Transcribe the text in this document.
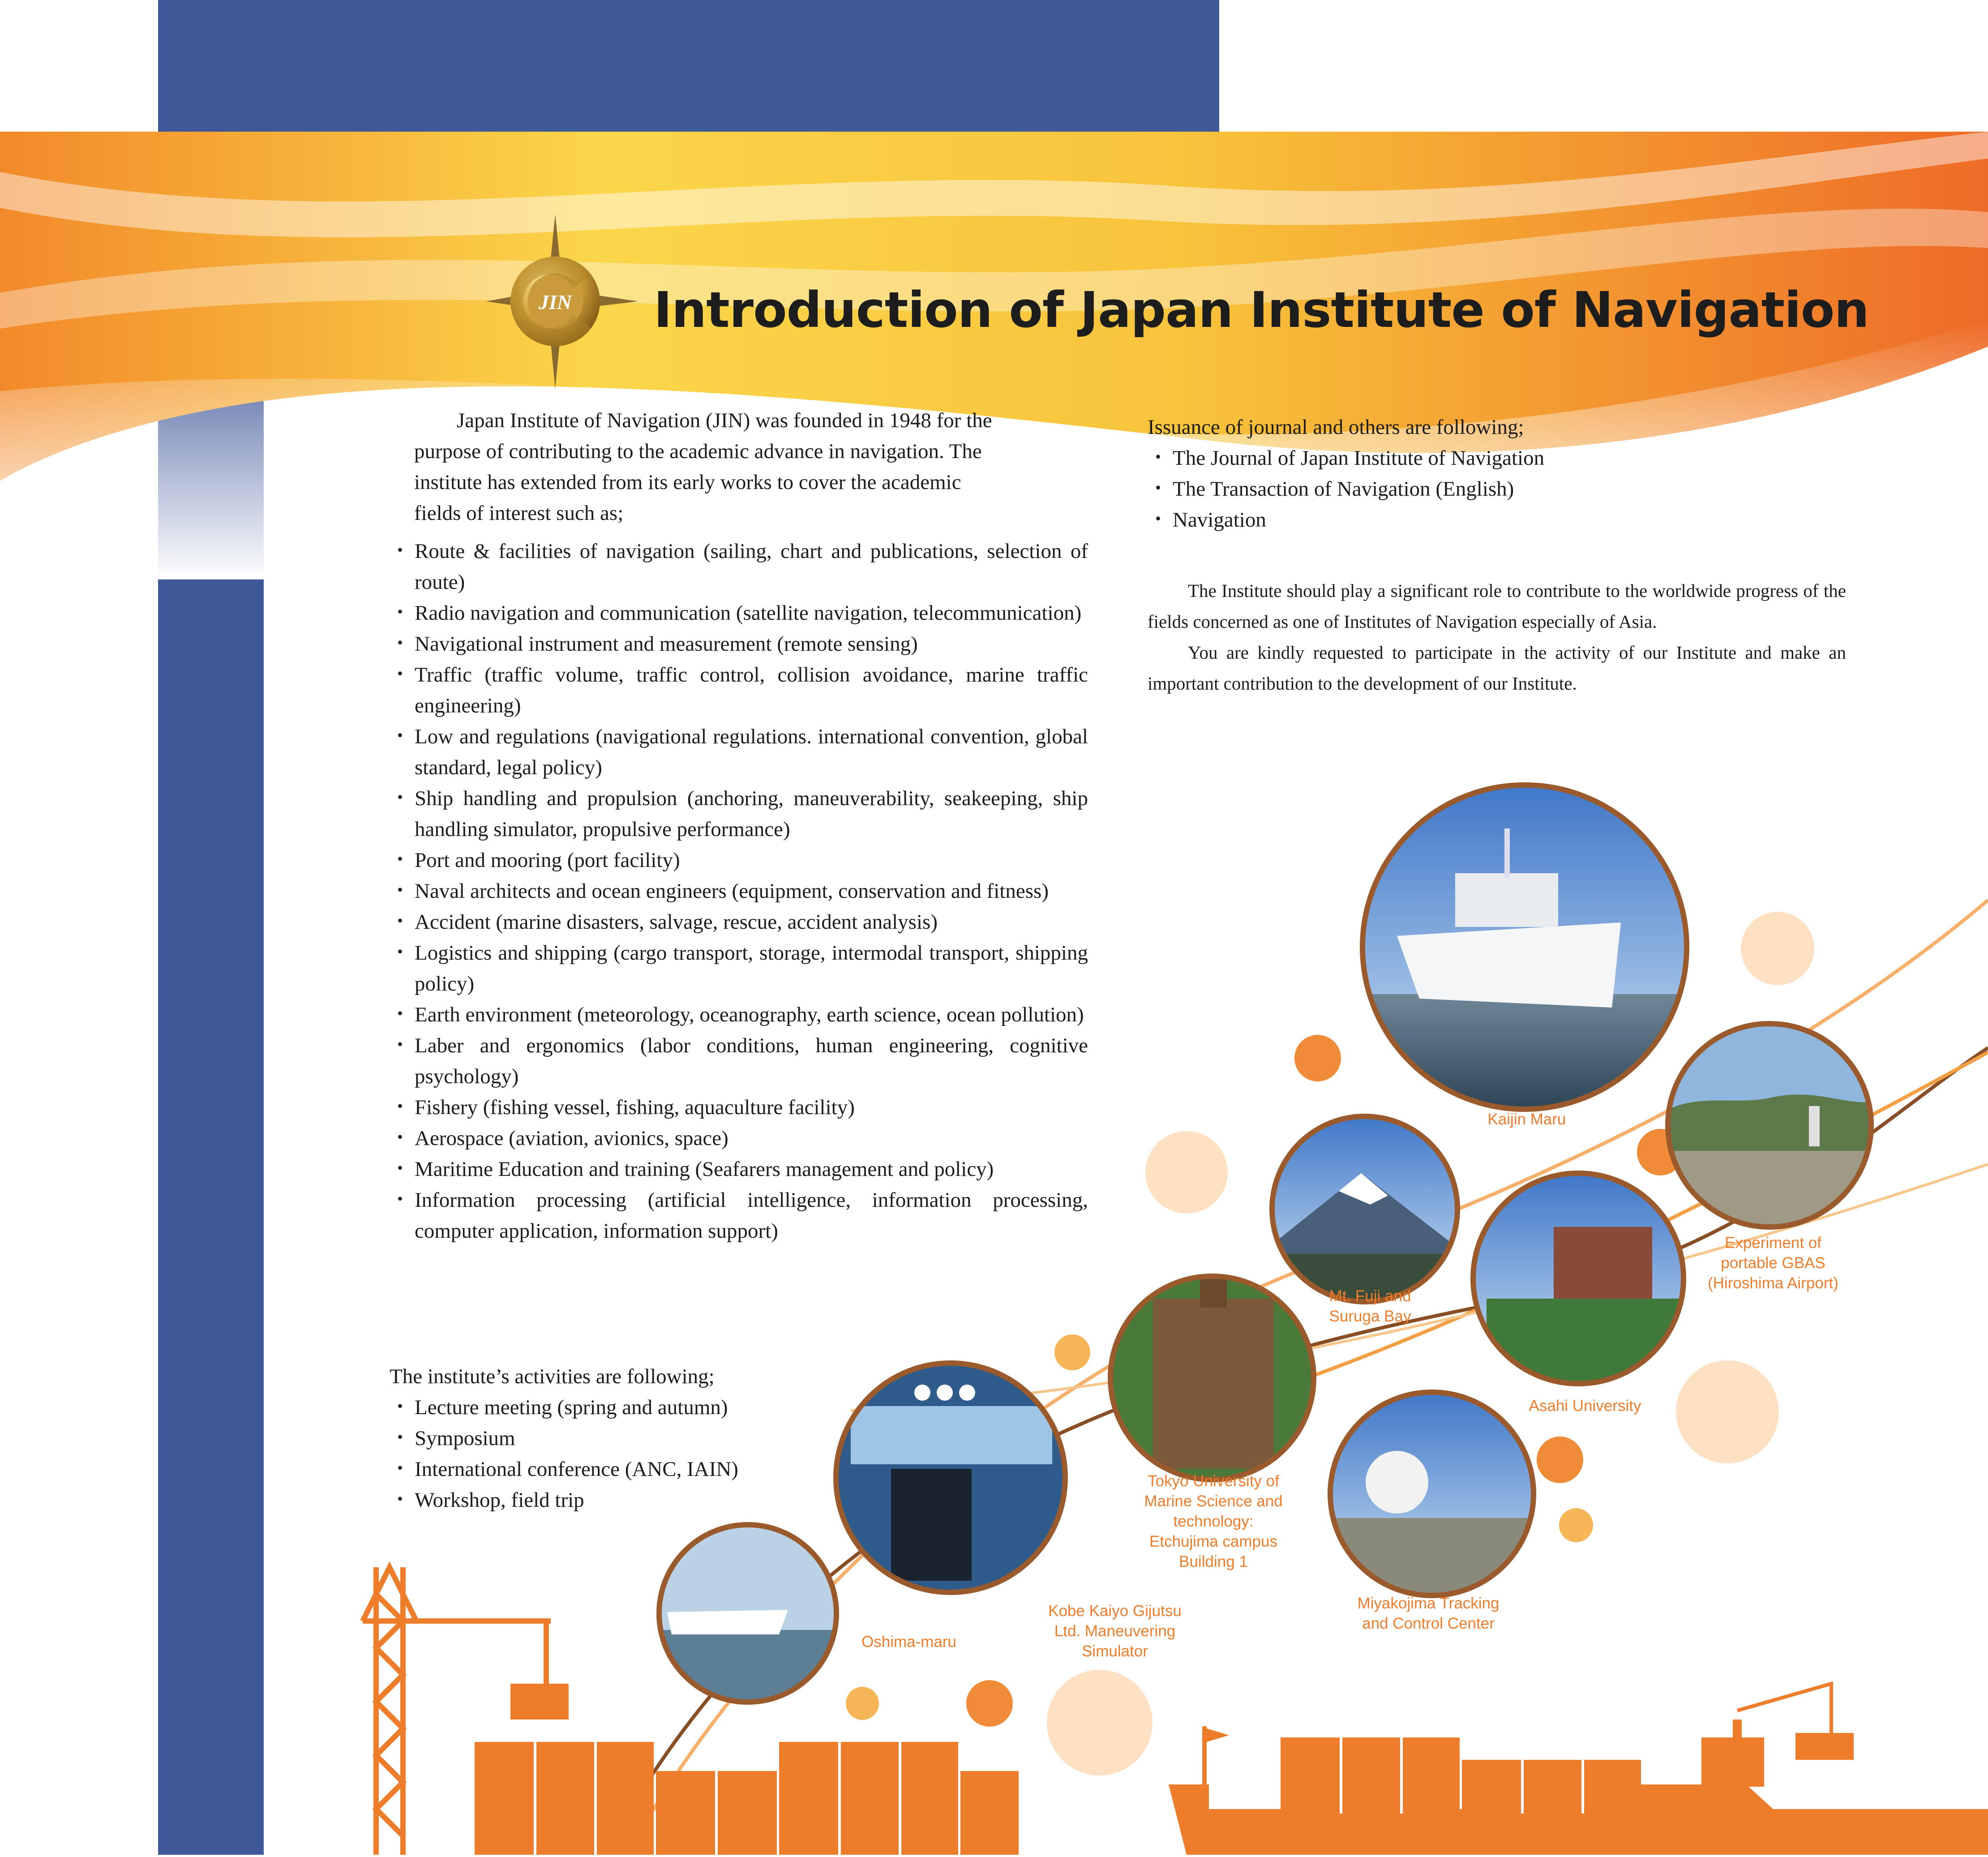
JIN Introduction of Japan Institute of Navigation
Japan Institute of Navigation (JIN) was founded in 1948 for the
purpose of contributing to the academic advance in navigation. The
institute has extended from its early works to cover the academic
fields of interest such as;
・ Route & facilities of navigation (sailing, chart and publications, selection of route)
・ Radio navigation and communication (satellite navigation, telecommunication)
・ Navigational instrument and measurement (remote sensing)
・ Traffic (traffic volume, traffic control, collision avoidance, marine traffic engineering)
・ Low and regulations (navigational regulations. international convention, global standard, legal policy)
・ Ship handling and propulsion (anchoring, maneuverability, seakeeping, ship handling simulator, propulsive performance)
・ Port and mooring (port facility)
・ Naval architects and ocean engineers (equipment, conservation and fitness)
・ Accident (marine disasters, salvage, rescue, accident analysis)
・ Logistics and shipping (cargo transport, storage, intermodal transport, shipping policy)
・ Earth environment (meteorology, oceanography, earth science, ocean pollution)
・ Laber and ergonomics (labor conditions, human engineering, cognitive psychology)
・ Fishery (fishing vessel, fishing, aquaculture facility)
・ Aerospace (aviation, avionics, space)
・ Maritime Education and training (Seafarers management and policy)
・ Information processing (artificial intelligence, information processing, computer application, information support)
The institute’s activities are following;
・ Lecture meeting (spring and autumn)
・ Symposium
・ International conference (ANC, IAIN)
・ Workshop, field trip
Issuance of journal and others are following;
・ The Journal of Japan Institute of Navigation
・ The Transaction of Navigation (English)
・ Navigation

The Institute should play a significant role to contribute to the worldwide progress of the fields concerned as one of Institutes of Navigation especially of Asia.

You are kindly requested to participate in the activity of our Institute and make an important contribution to the development of our Institute.

Kaijin Maru
Experiment of
portable GBAS
(Hiroshima Airport)
Mt. Fuji and
Suruga Bay
Asahi University
Tokyo University of
Marine Science and
technology:
Etchujima campus
Building 1
Miyakojima Tracking
and Control Center
Kobe Kaiyo Gijutsu
Ltd. Maneuvering
Simulator
Oshima-maru
